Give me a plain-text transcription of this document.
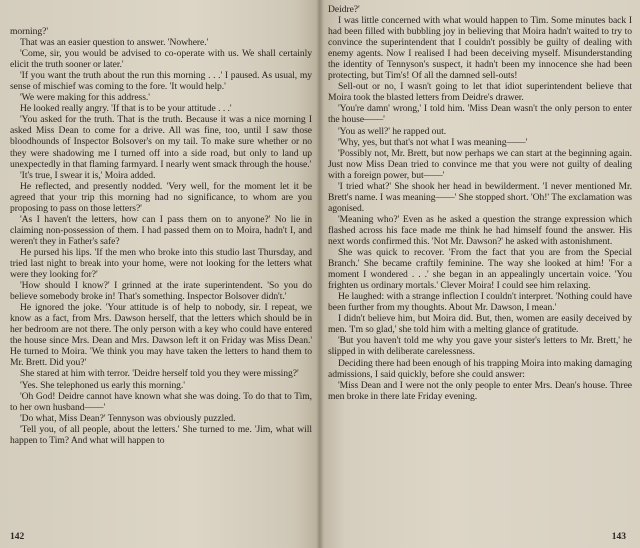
morning?'

That was an easier question to answer. 'Nowhere.'

'Come, sir, you would be advised to co-operate with us. We shall certainly elicit the truth sooner or later.'

'If you want the truth about the run this morning . . .' I paused. As usual, my sense of mischief was coming to the fore. 'It would help.'

'We were making for this address.'

He looked really angry. 'If that is to be your attitude . . .'

'You asked for the truth. That is the truth. Because it was a nice morning I asked Miss Dean to come for a drive. All was fine, too, until I saw those bloodhounds of Inspector Bolsover's on my tail. To make sure whether or no they were shadowing me I turned off into a side road, but only to land up unexpectedly in that flaming farmyard. I nearly went smack through the house.'

'It's true, I swear it is,' Moira added.

He reflected, and presently nodded. 'Very well, for the moment let it be agreed that your trip this morning had no significance, to whom are you proposing to pass on those letters?'

'As I haven't the letters, how can I pass them on to anyone?' No lie in claiming non-possession of them. I had passed them on to Moira, hadn't I, and weren't they in Father's safe?

He pursed his lips. 'If the men who broke into this studio last Thursday, and tried last night to break into your home, were not looking for the letters what were they looking for?'

'How should I know?' I grinned at the irate superintendent. 'So you do believe somebody broke in! That's something. Inspector Bolsover didn't.'

He ignored the joke. 'Your attitude is of help to nobody, sir. I repeat, we know as a fact, from Mrs. Dawson herself, that the letters which should be in her bedroom are not there. The only person with a key who could have entered the house since Mrs. Dean and Mrs. Dawson left it on Friday was Miss Dean.' He turned to Moira. 'We think you may have taken the letters to hand them to Mr. Brett. Did you?'

She stared at him with terror. 'Deidre herself told you they were missing?'

'Yes. She telephoned us early this morning.'

'Oh God! Deidre cannot have known what she was doing. To do that to Tim, to her own husband——'

'Do what, Miss Dean?' Tennyson was obviously puzzled.

'Tell you, of all people, about the letters.' She turned to me. 'Jim, what will happen to Tim? And what will happen to

142

Deidre?'

I was little concerned with what would happen to Tim. Some minutes back I had been filled with bubbling joy in believing that Moira hadn't waited to try to convince the superintendent that I couldn't possibly be guilty of dealing with enemy agents. Now I realised I had been deceiving myself. Misunderstanding the identity of Tennyson's suspect, it hadn't been my innocence she had been protecting, but Tim's! Of all the damned sell-outs!

Sell-out or no, I wasn't going to let that idiot superintendent believe that Moira took the blasted letters from Deidre's drawer.

'You're damn' wrong,' I told him. 'Miss Dean wasn't the only person to enter the house——'

'You as well?' he rapped out.

'Why, yes, but that's not what I was meaning——'

'Possibly not, Mr. Brett, but now perhaps we can start at the beginning again. Just now Miss Dean tried to convince me that you were not guilty of dealing with a foreign power, but——'

'I tried what?' She shook her head in bewilderment. 'I never mentioned Mr. Brett's name. I was meaning——' She stopped short. 'Oh!' The exclamation was agonised.

'Meaning who?' Even as he asked a question the strange expression which flashed across his face made me think he had himself found the answer. His next words confirmed this. 'Not Mr. Dawson?' he asked with astonishment.

She was quick to recover. 'From the fact that you are from the Special Branch.' She became craftily feminine. The way she looked at him! 'For a moment I wondered . . .' she began in an appealingly uncertain voice. 'You frighten us ordinary mortals.' Clever Moira! I could see him relaxing.

He laughed: with a strange inflection I couldn't interpret. 'Nothing could have been further from my thoughts. About Mr. Dawson, I mean.'

I didn't believe him, but Moira did. But, then, women are easily deceived by men. 'I'm so glad,' she told him with a melting glance of gratitude.

'But you haven't told me why you gave your sister's letters to Mr. Brett,' he slipped in with deliberate carelessness.

Deciding there had been enough of his trapping Moira into making damaging admissions, I said quickly, before she could answer:

'Miss Dean and I were not the only people to enter Mrs. Dean's house. Three men broke in there late Friday evening.

143
